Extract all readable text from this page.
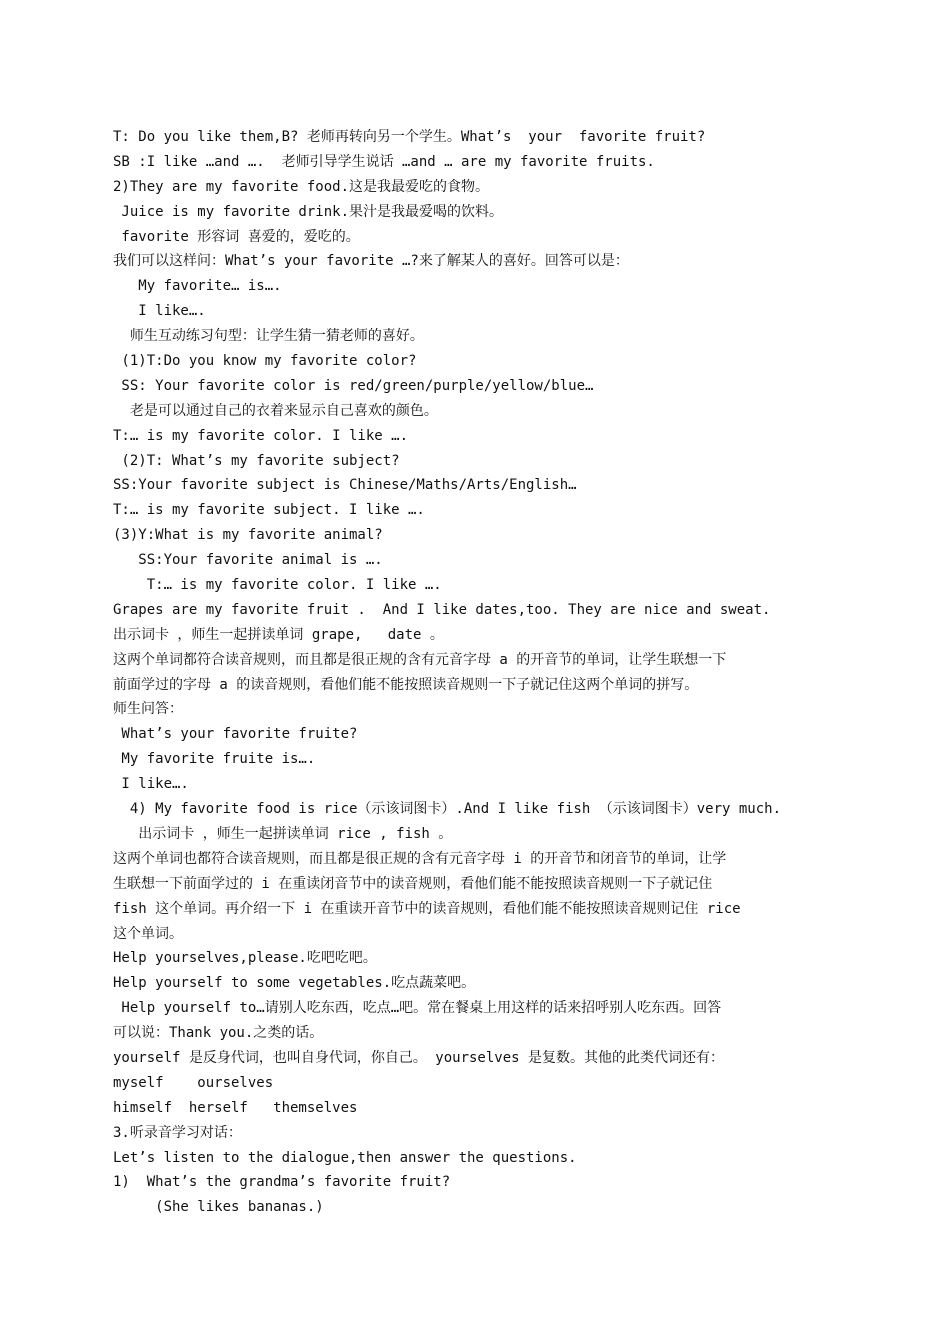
T: Do you like them,B? 老师再转向另一个学生。What’s  your  favorite fruit?
SB :I like …and ….  老师引导学生说话 …and … are my favorite fruits.
2)They are my favorite food.这是我最爱吃的食物。
Juice is my favorite drink.果汁是我最爱喝的饮料。
favorite 形容词 喜爱的，爱吃的。
我们可以这样问：What’s your favorite …?来了解某人的喜好。回答可以是：
My favorite… is….
I like….
师生互动练习句型：让学生猜一猜老师的喜好。
(1)T:Do you know my favorite color?
SS: Your favorite color is red/green/purple/yellow/blue…
老是可以通过自己的衣着来显示自己喜欢的颜色。
T:… is my favorite color. I like ….
(2)T: What’s my favorite subject?
SS:Your favorite subject is Chinese/Maths/Arts/English…
T:… is my favorite subject. I like ….
(3)Y:What is my favorite animal?
SS:Your favorite animal is ….
T:… is my favorite color. I like ….
Grapes are my favorite fruit .  And I like dates,too. They are nice and sweat.
出示词卡 ，师生一起拼读单词 grape,   date 。
这两个单词都符合读音规则，而且都是很正规的含有元音字母 a 的开音节的单词，让学生联想一下
前面学过的字母 a 的读音规则，看他们能不能按照读音规则一下子就记住这两个单词的拼写。
师生问答：
What’s your favorite fruite?
My favorite fruite is….
I like….
4) My favorite food is rice（示该词图卡）.And I like fish （示该词图卡）very much.
出示词卡 ，师生一起拼读单词 rice , fish 。
这两个单词也都符合读音规则，而且都是很正规的含有元音字母 i 的开音节和闭音节的单词，让学
生联想一下前面学过的 i 在重读闭音节中的读音规则，看他们能不能按照读音规则一下子就记住
fish 这个单词。再介绍一下 i 在重读开音节中的读音规则，看他们能不能按照读音规则记住 rice
这个单词。
Help yourselves,please.吃吧吃吧。
Help yourself to some vegetables.吃点蔬菜吧。
Help yourself to…请别人吃东西，吃点…吧。常在餐桌上用这样的话来招呼别人吃东西。回答
可以说：Thank you.之类的话。
yourself 是反身代词，也叫自身代词，你自己。 yourselves 是复数。其他的此类代词还有：
myself    ourselves
himself  herself   themselves
3.听录音学习对话：
Let’s listen to the dialogue,then answer the questions.
1)  What’s the grandma’s favorite fruit?
(She likes bananas.)
